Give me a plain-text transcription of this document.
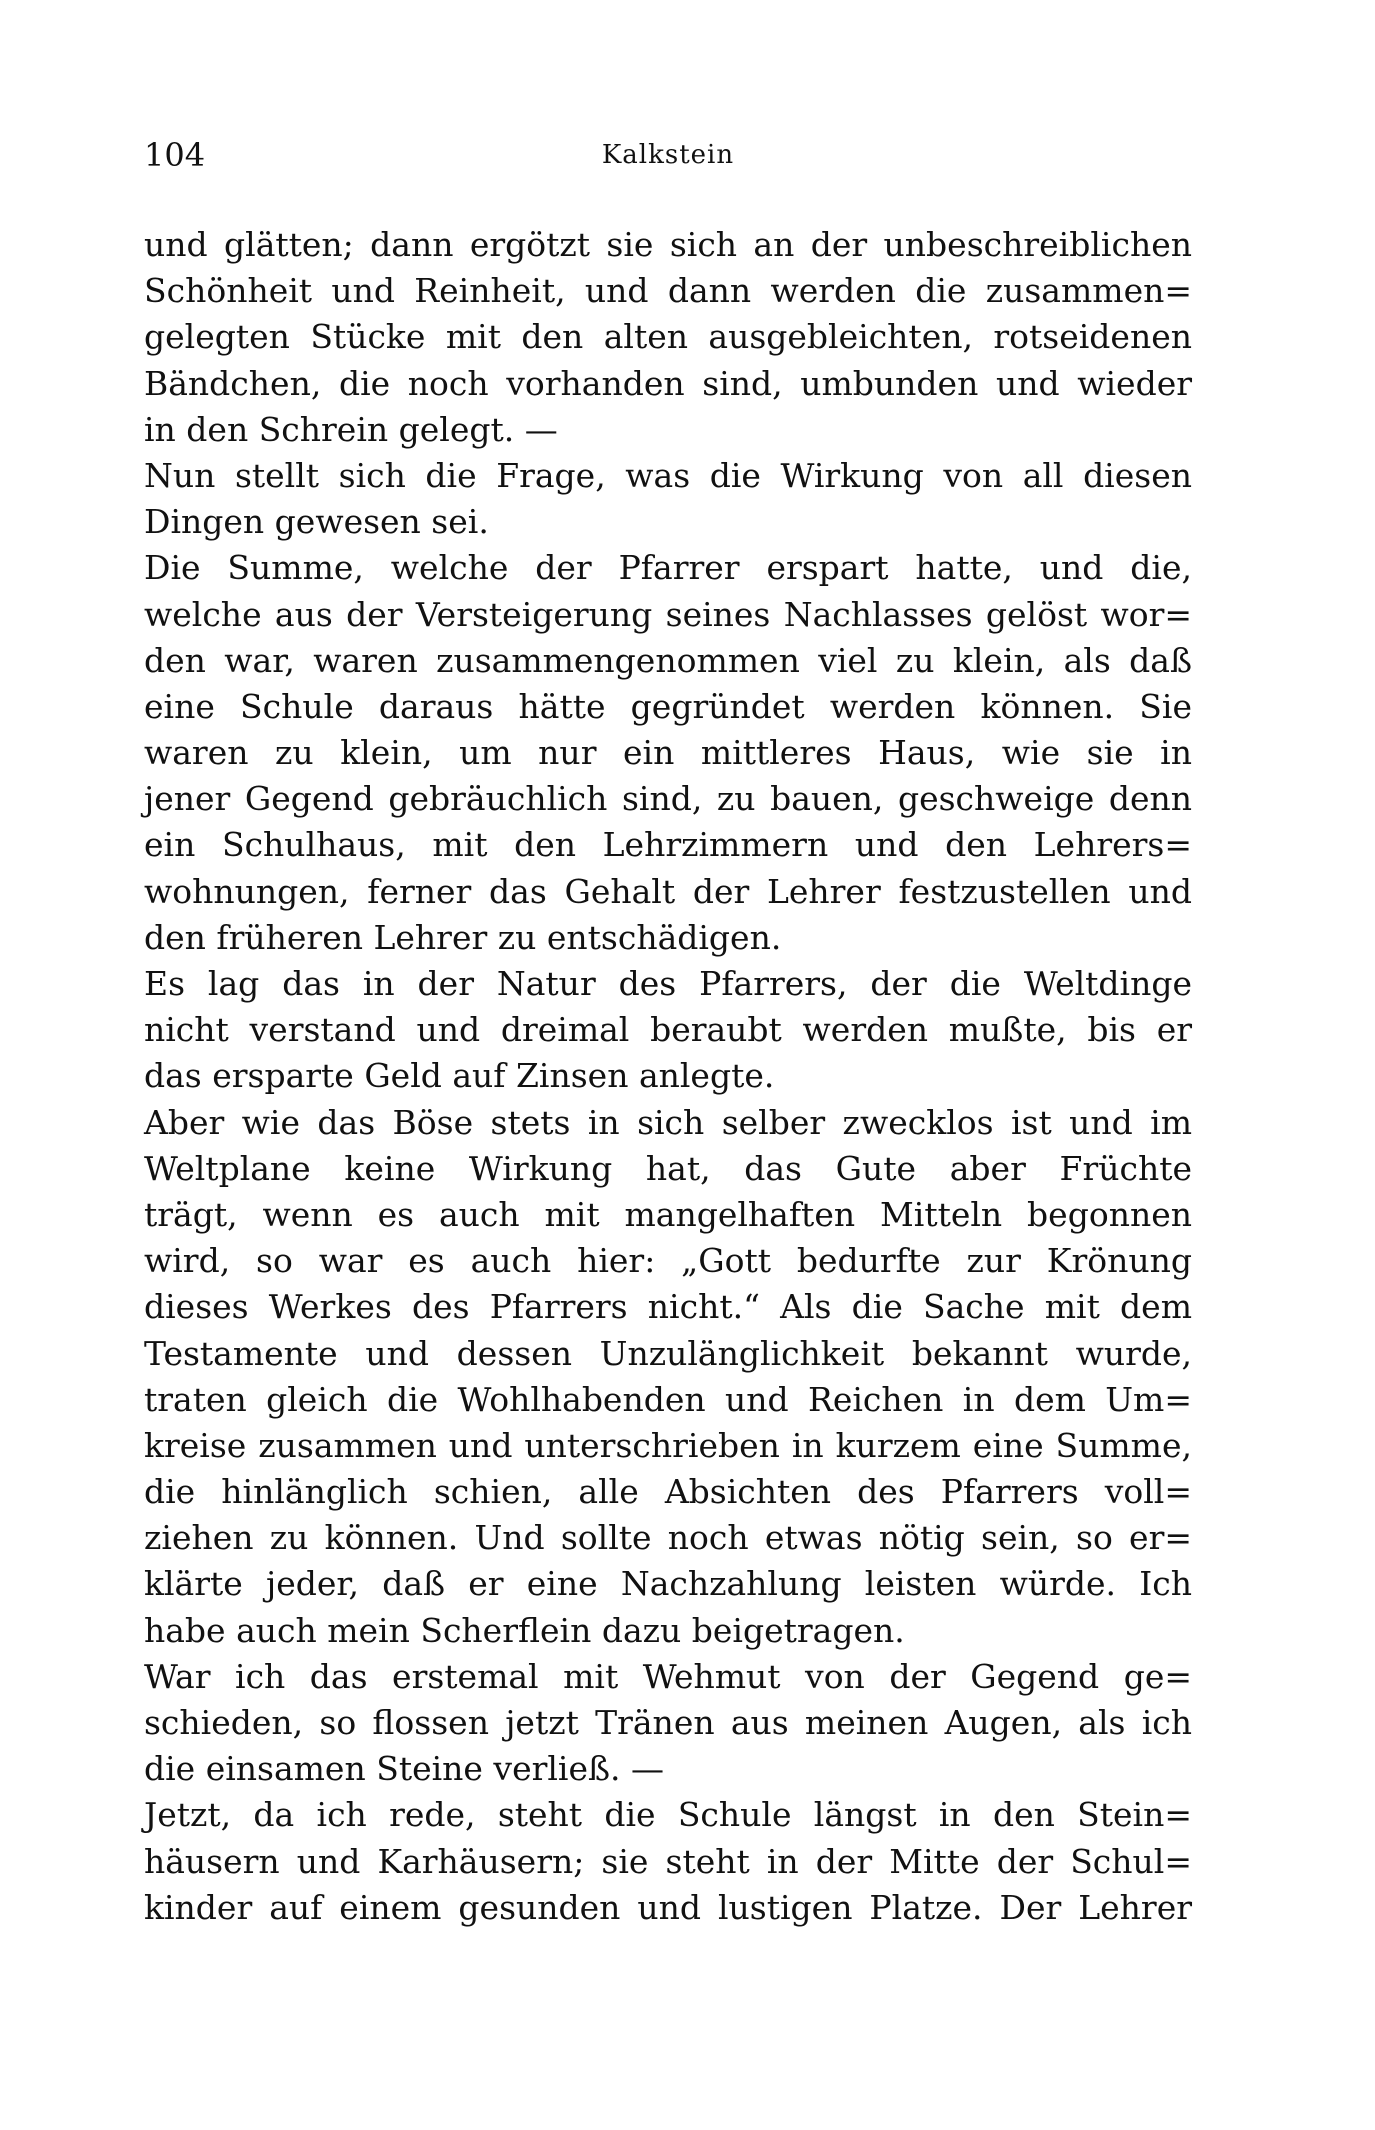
104	Kalkstein
und glätten; dann ergötzt sie sich an der unbeschreiblichen
Schönheit und Reinheit, und dann werden die zusammen=
gelegten Stücke mit den alten ausgebleichten, rotseidenen
Bändchen, die noch vorhanden sind, umbunden und wieder
in den Schrein gelegt. —
Nun stellt sich die Frage, was die Wirkung von all diesen
Dingen gewesen sei.
Die Summe, welche der Pfarrer erspart hatte, und die,
welche aus der Versteigerung seines Nachlasses gelöst wor=
den war, waren zusammengenommen viel zu klein, als daß
eine Schule daraus hätte gegründet werden können. Sie
waren zu klein, um nur ein mittleres Haus, wie sie in
jener Gegend gebräuchlich sind, zu bauen, geschweige denn
ein Schulhaus, mit den Lehrzimmern und den Lehrers=
wohnungen, ferner das Gehalt der Lehrer festzustellen und
den früheren Lehrer zu entschädigen.
Es lag das in der Natur des Pfarrers, der die Weltdinge
nicht verstand und dreimal beraubt werden mußte, bis er
das ersparte Geld auf Zinsen anlegte.
Aber wie das Böse stets in sich selber zwecklos ist und im
Weltplane keine Wirkung hat, das Gute aber Früchte
trägt, wenn es auch mit mangelhaften Mitteln begonnen
wird, so war es auch hier: „Gott bedurfte zur Krönung
dieses Werkes des Pfarrers nicht.“ Als die Sache mit dem
Testamente und dessen Unzulänglichkeit bekannt wurde,
traten gleich die Wohlhabenden und Reichen in dem Um=
kreise zusammen und unterschrieben in kurzem eine Summe,
die hinlänglich schien, alle Absichten des Pfarrers voll=
ziehen zu können. Und sollte noch etwas nötig sein, so er=
klärte jeder, daß er eine Nachzahlung leisten würde. Ich
habe auch mein Scherflein dazu beigetragen.
War ich das erstemal mit Wehmut von der Gegend ge=
schieden, so flossen jetzt Tränen aus meinen Augen, als ich
die einsamen Steine verließ. —
Jetzt, da ich rede, steht die Schule längst in den Stein=
häusern und Karhäusern; sie steht in der Mitte der Schul=
kinder auf einem gesunden und lustigen Platze. Der Lehrer
